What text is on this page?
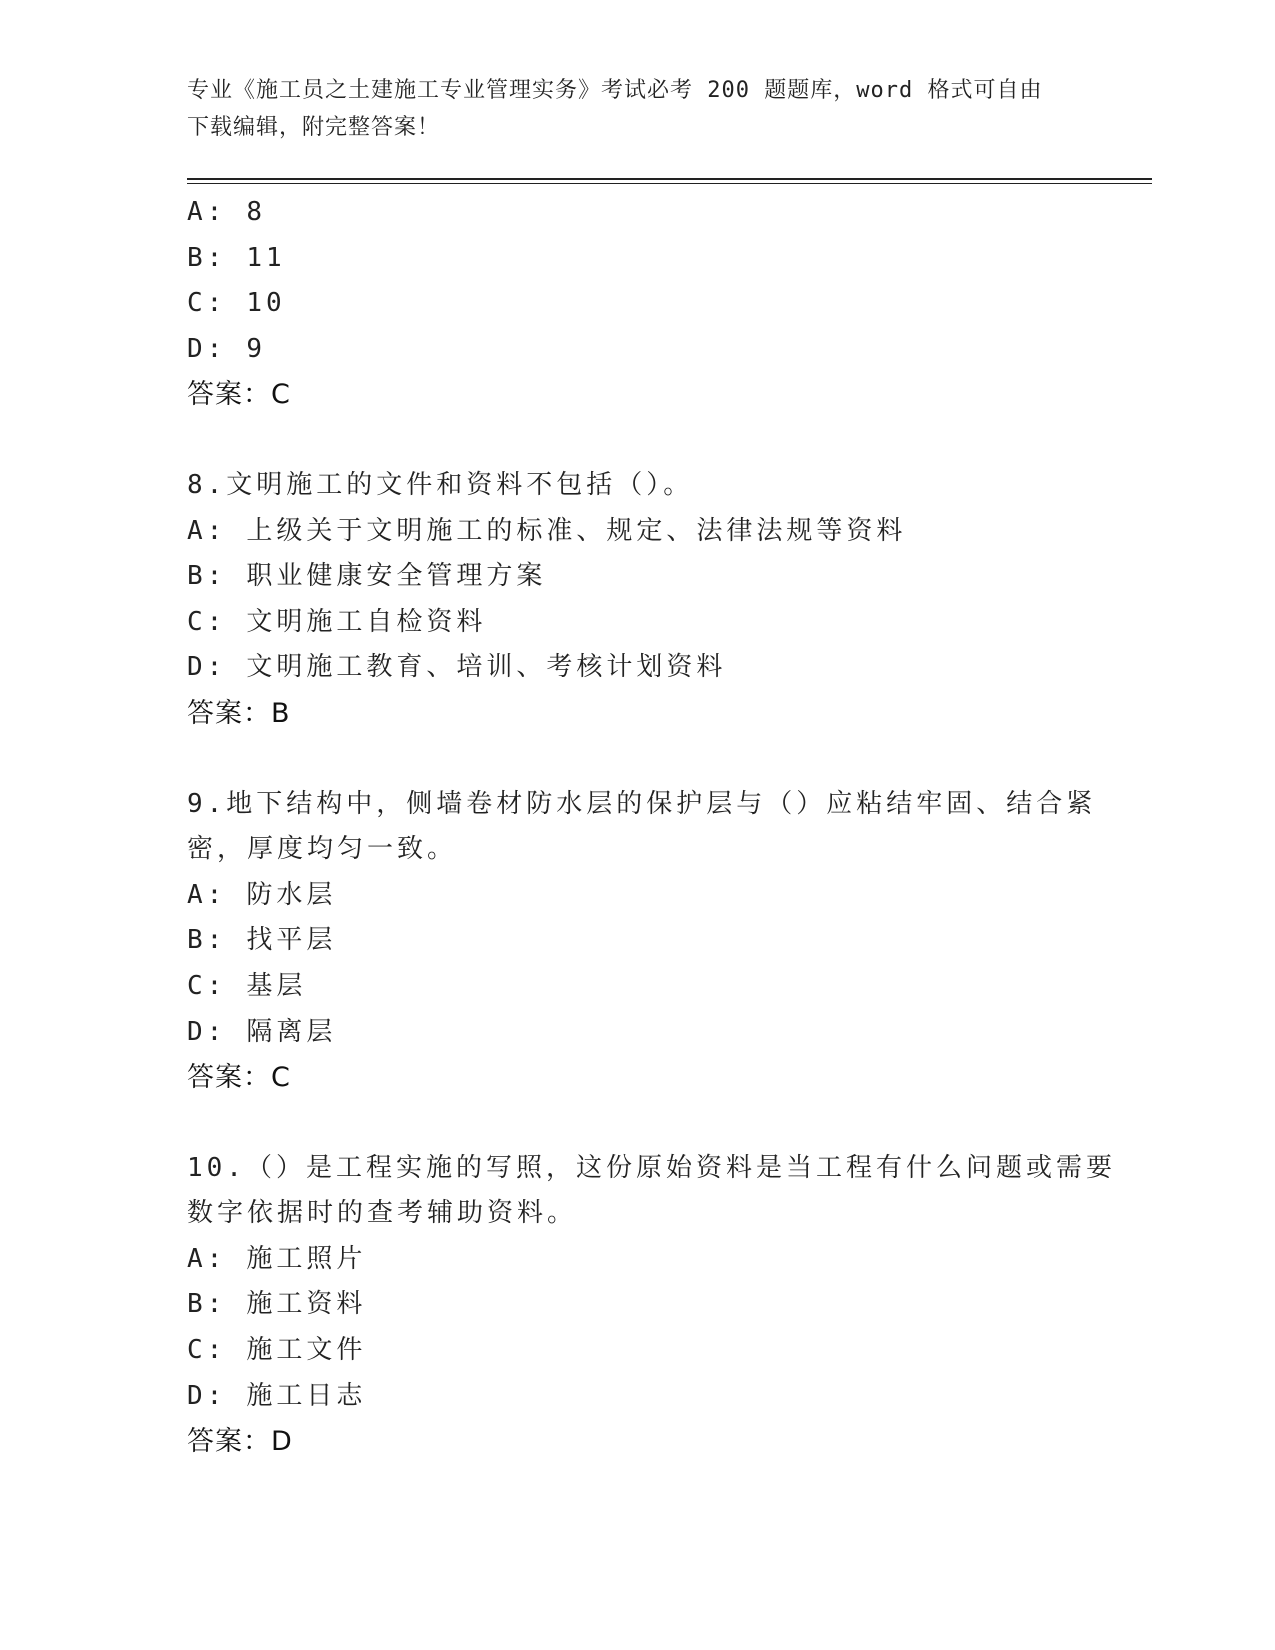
专业《施工员之土建施工专业管理实务》考试必考 200 题题库，word 格式可自由
下载编辑，附完整答案！
A: 8
B: 11
C: 10
D: 9
答案：C
8.文明施工的文件和资料不包括（）。
A: 上级关于文明施工的标准、规定、法律法规等资料
B: 职业健康安全管理方案
C: 文明施工自检资料
D: 文明施工教育、培训、考核计划资料
答案：B
9.地下结构中，侧墙卷材防水层的保护层与（）应粘结牢固、结合紧
密，厚度均匀一致。
A: 防水层
B: 找平层
C: 基层
D: 隔离层
答案：C
10.（）是工程实施的写照，这份原始资料是当工程有什么问题或需要
数字依据时的查考辅助资料。
A: 施工照片
B: 施工资料
C: 施工文件
D: 施工日志
答案：D
